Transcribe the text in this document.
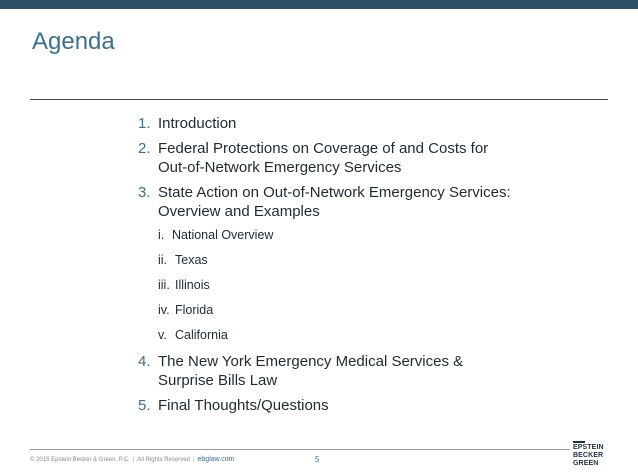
Agenda
1. Introduction
2. Federal Protections on Coverage of and Costs for
Out-of-Network Emergency Services
3. State Action on Out-of-Network Emergency Services:
Overview and Examples
i. National Overview
ii. Texas
iii. Illinois
iv. Florida
v. California
4. The New York Emergency Medical Services &
Surprise Bills Law
5. Final Thoughts/Questions
© 2015 Epstein Becker & Green, P.C. | All Rights Reserved | ebglaw.com	5
EPSTEIN
BECKER
GREEN
